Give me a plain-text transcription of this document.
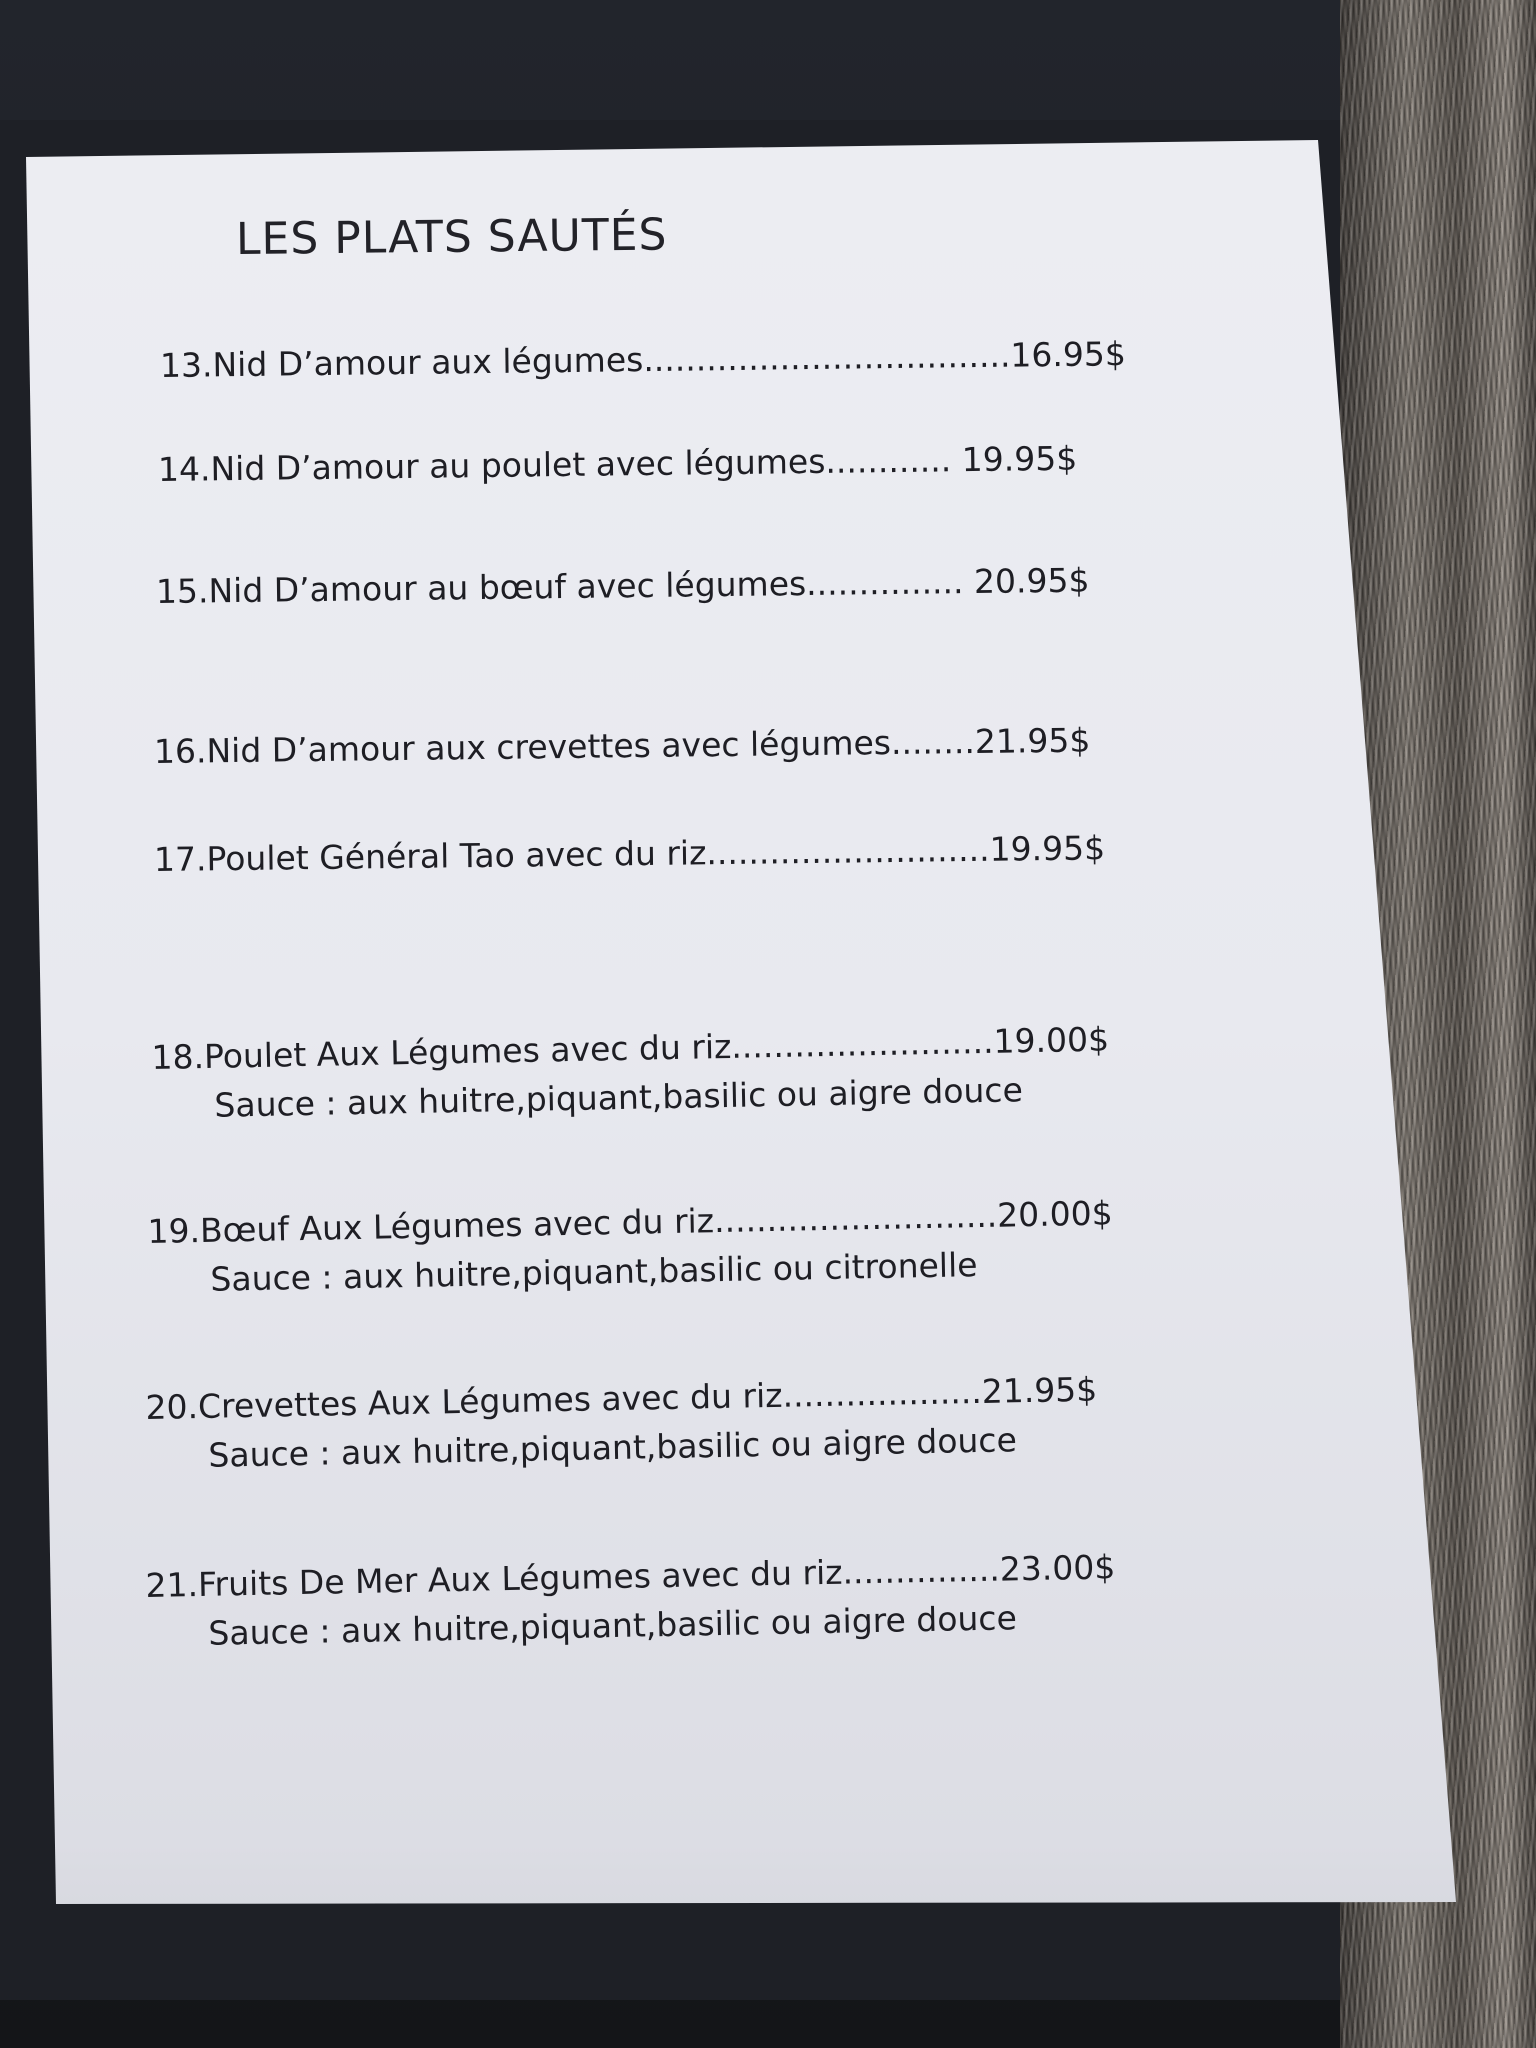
LES PLATS SAUTÉS
13.Nid D’amour aux légumes...................................16.95$
14.Nid D’amour au poulet avec légumes............ 19.95$
15.Nid D’amour au bœuf avec légumes............... 20.95$
16.Nid D’amour aux crevettes avec légumes........21.95$
17.Poulet Général Tao avec du riz...........................19.95$
18.Poulet Aux Légumes avec du riz.........................19.00$
Sauce : aux huitre,piquant,basilic ou aigre douce
19.Bœuf Aux Légumes avec du riz...........................20.00$
Sauce : aux huitre,piquant,basilic ou citronelle
20.Crevettes Aux Légumes avec du riz...................21.95$
Sauce : aux huitre,piquant,basilic ou aigre douce
21.Fruits De Mer Aux Légumes avec du riz...............23.00$
Sauce : aux huitre,piquant,basilic ou aigre douce
